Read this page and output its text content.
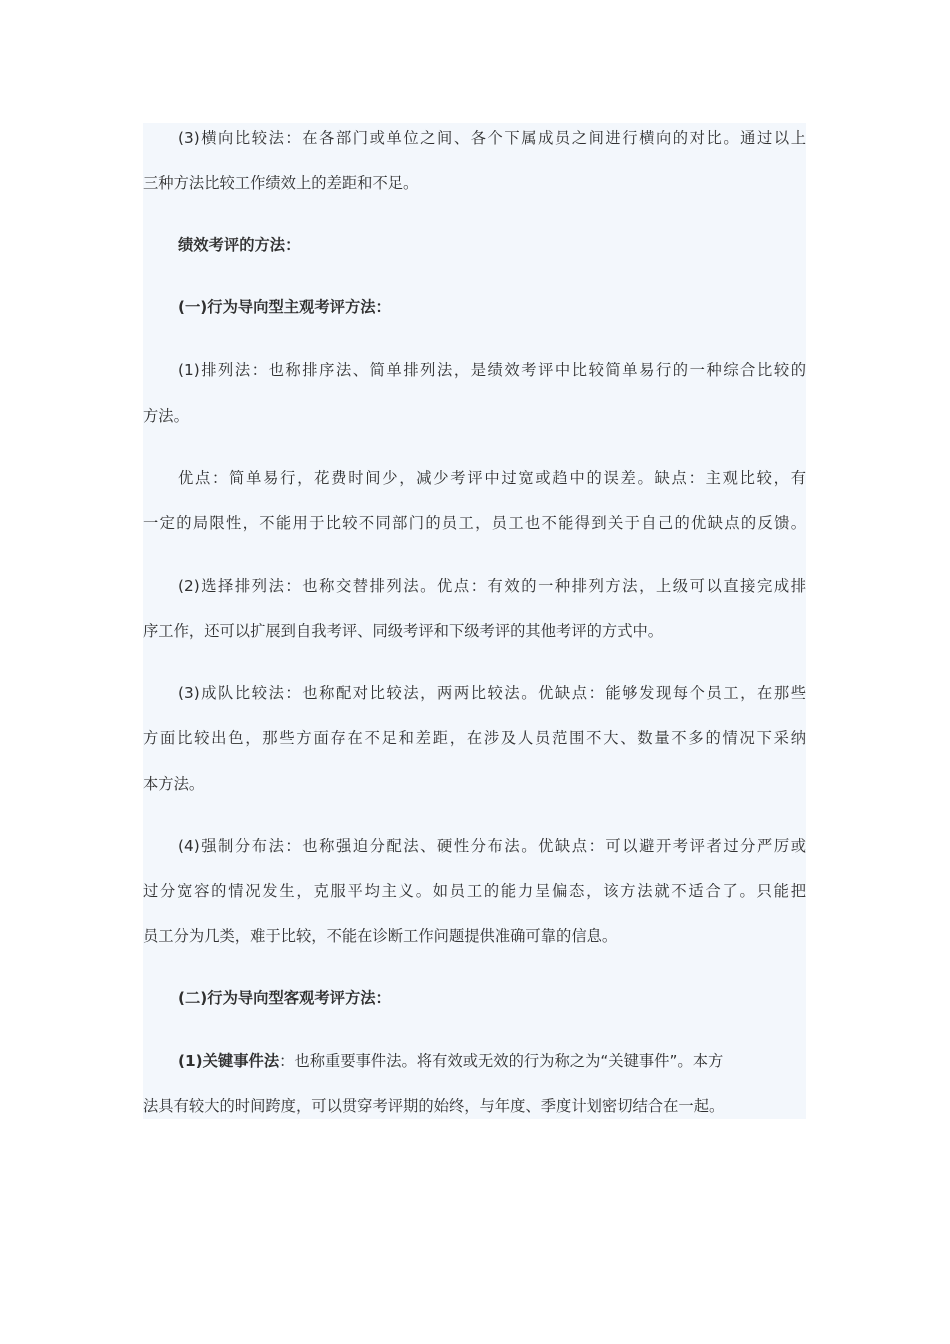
(3)横向比较法：在各部门或单位之间、各个下属成员之间进行横向的对比。通过以上
三种方法比较工作绩效上的差距和不足。
绩效考评的方法：
(一)行为导向型主观考评方法：
(1)排列法：也称排序法、简单排列法，是绩效考评中比较简单易行的一种综合比较的
方法。
优点：简单易行，花费时间少，减少考评中过宽或趋中的误差。缺点：主观比较，有
一定的局限性，不能用于比较不同部门的员工，员工也不能得到关于自己的优缺点的反馈。
(2)选择排列法：也称交替排列法。优点：有效的一种排列方法，上级可以直接完成排
序工作，还可以扩展到自我考评、同级考评和下级考评的其他考评的方式中。
(3)成队比较法：也称配对比较法，两两比较法。优缺点：能够发现每个员工，在那些
方面比较出色，那些方面存在不足和差距，在涉及人员范围不大、数量不多的情况下采纳
本方法。
(4)强制分布法：也称强迫分配法、硬性分布法。优缺点：可以避开考评者过分严厉或
过分宽容的情况发生，克服平均主义。如员工的能力呈偏态，该方法就不适合了。只能把
员工分为几类，难于比较，不能在诊断工作问题提供准确可靠的信息。
(二)行为导向型客观考评方法：
(1)关键事件法：也称重要事件法。将有效或无效的行为称之为“关键事件”。本方
法具有较大的时间跨度，可以贯穿考评期的始终，与年度、季度计划密切结合在一起。
